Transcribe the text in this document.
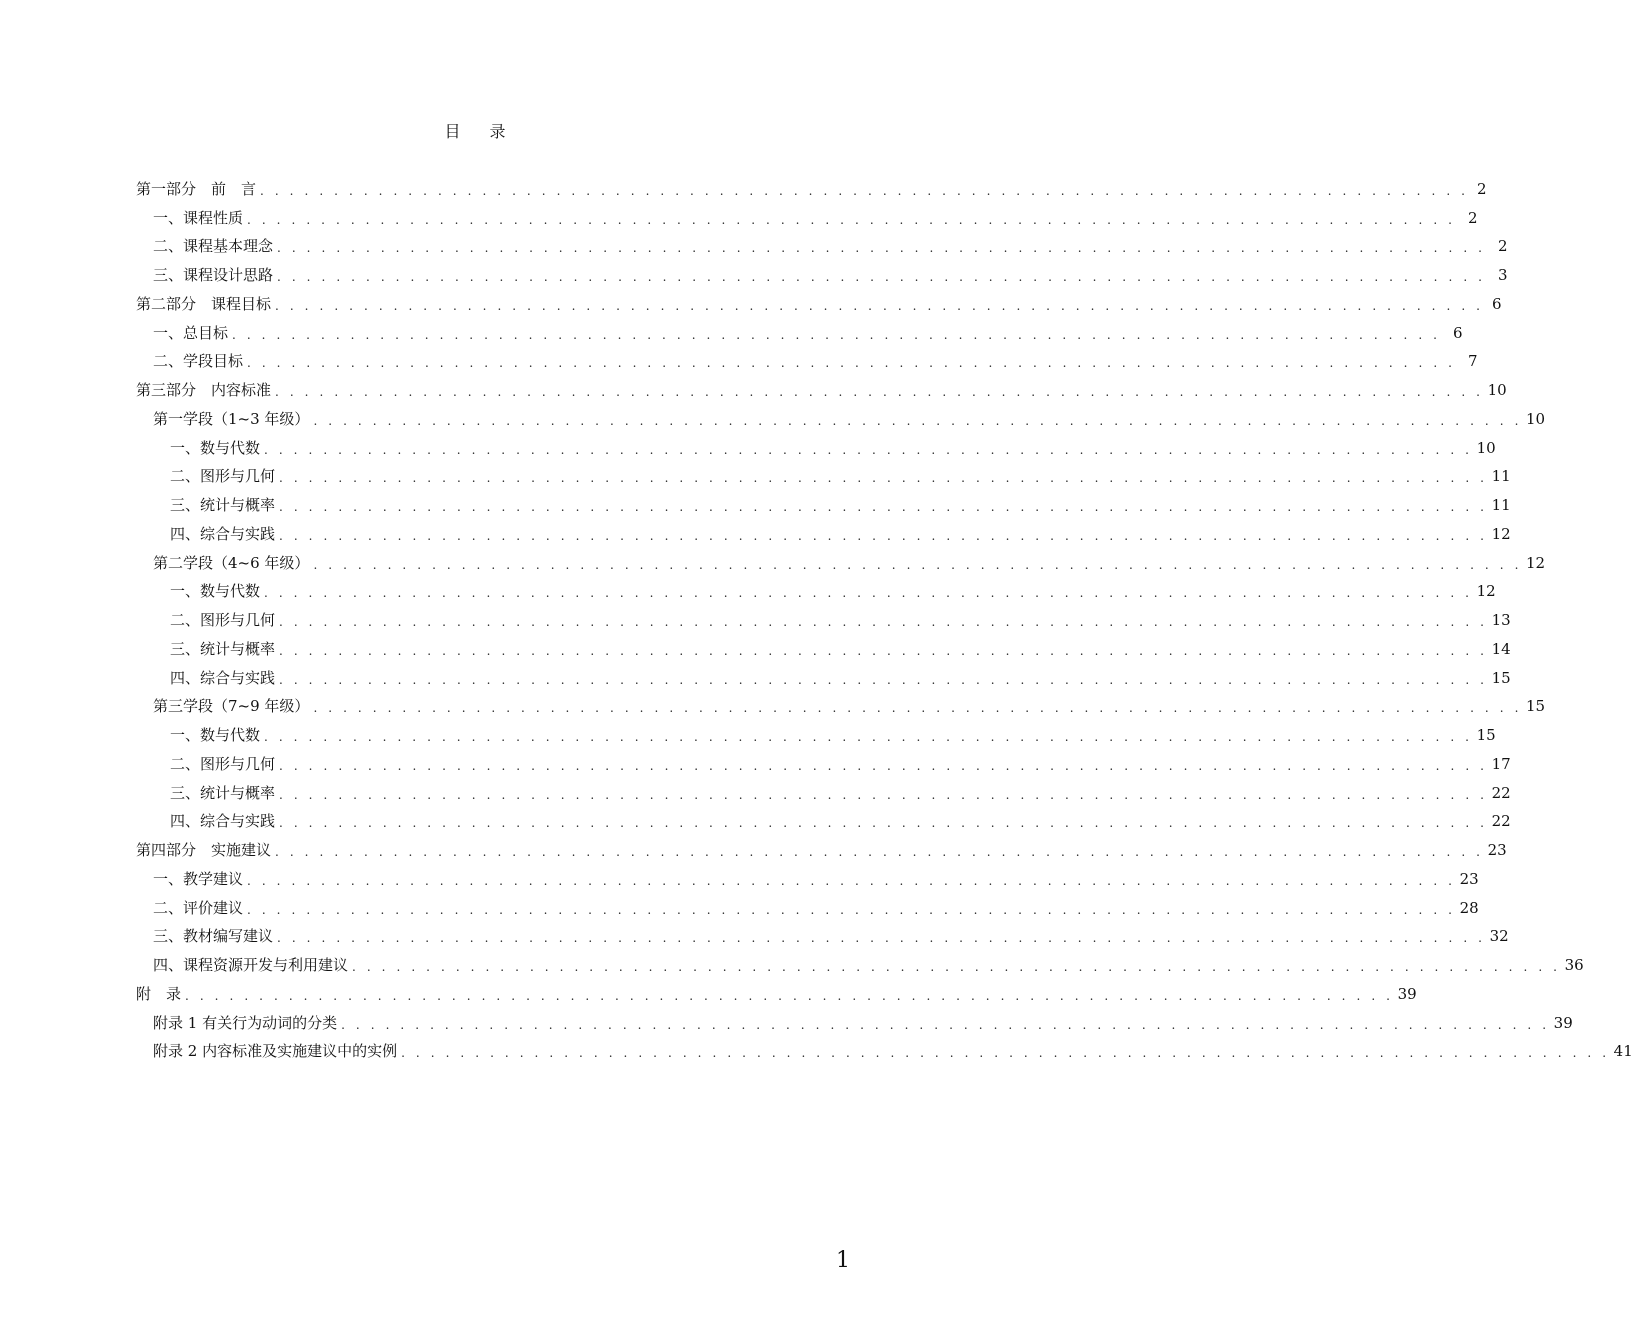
目 录
第一部分　前　言 . . . . . . . . . . . . . . . . . . . . . . . . . . . . . . . . . . . . . . . . . . . . . . . . . . . . . . . . . . . . . . . . . . . . . . . . . . . . . . . . . . 2
一、课程性质 . . . . . . . . . . . . . . . . . . . . . . . . . . . . . . . . . . . . . . . . . . . . . . . . . . . . . . . . . . . . . . . . . . . . . . . . . . . . . . . . . . 2
二、课程基本理念 . . . . . . . . . . . . . . . . . . . . . . . . . . . . . . . . . . . . . . . . . . . . . . . . . . . . . . . . . . . . . . . . . . . . . . . . . . . . . . . . . . 2
三、课程设计思路 . . . . . . . . . . . . . . . . . . . . . . . . . . . . . . . . . . . . . . . . . . . . . . . . . . . . . . . . . . . . . . . . . . . . . . . . . . . . . . . . . . 3
第二部分　课程目标 . . . . . . . . . . . . . . . . . . . . . . . . . . . . . . . . . . . . . . . . . . . . . . . . . . . . . . . . . . . . . . . . . . . . . . . . . . . . . . . . . . 6
一、总目标 . . . . . . . . . . . . . . . . . . . . . . . . . . . . . . . . . . . . . . . . . . . . . . . . . . . . . . . . . . . . . . . . . . . . . . . . . . . . . . . . . . 6
二、学段目标 . . . . . . . . . . . . . . . . . . . . . . . . . . . . . . . . . . . . . . . . . . . . . . . . . . . . . . . . . . . . . . . . . . . . . . . . . . . . . . . . . . 7
第三部分　内容标准 . . . . . . . . . . . . . . . . . . . . . . . . . . . . . . . . . . . . . . . . . . . . . . . . . . . . . . . . . . . . . . . . . . . . . . . . . . . . . . . . . . 10
第一学段（1~3 年级） . . . . . . . . . . . . . . . . . . . . . . . . . . . . . . . . . . . . . . . . . . . . . . . . . . . . . . . . . . . . . . . . . . . . . . . . . . . . . . . . . . 10
一、数与代数 . . . . . . . . . . . . . . . . . . . . . . . . . . . . . . . . . . . . . . . . . . . . . . . . . . . . . . . . . . . . . . . . . . . . . . . . . . . . . . . . . . 10
二、图形与几何 . . . . . . . . . . . . . . . . . . . . . . . . . . . . . . . . . . . . . . . . . . . . . . . . . . . . . . . . . . . . . . . . . . . . . . . . . . . . . . . . . . 11
三、统计与概率 . . . . . . . . . . . . . . . . . . . . . . . . . . . . . . . . . . . . . . . . . . . . . . . . . . . . . . . . . . . . . . . . . . . . . . . . . . . . . . . . . . 11
四、综合与实践 . . . . . . . . . . . . . . . . . . . . . . . . . . . . . . . . . . . . . . . . . . . . . . . . . . . . . . . . . . . . . . . . . . . . . . . . . . . . . . . . . . 12
第二学段（4~6 年级） . . . . . . . . . . . . . . . . . . . . . . . . . . . . . . . . . . . . . . . . . . . . . . . . . . . . . . . . . . . . . . . . . . . . . . . . . . . . . . . . . . 12
一、数与代数 . . . . . . . . . . . . . . . . . . . . . . . . . . . . . . . . . . . . . . . . . . . . . . . . . . . . . . . . . . . . . . . . . . . . . . . . . . . . . . . . . . 12
二、图形与几何 . . . . . . . . . . . . . . . . . . . . . . . . . . . . . . . . . . . . . . . . . . . . . . . . . . . . . . . . . . . . . . . . . . . . . . . . . . . . . . . . . . 13
三、统计与概率 . . . . . . . . . . . . . . . . . . . . . . . . . . . . . . . . . . . . . . . . . . . . . . . . . . . . . . . . . . . . . . . . . . . . . . . . . . . . . . . . . . 14
四、综合与实践 . . . . . . . . . . . . . . . . . . . . . . . . . . . . . . . . . . . . . . . . . . . . . . . . . . . . . . . . . . . . . . . . . . . . . . . . . . . . . . . . . . 15
第三学段（7~9 年级） . . . . . . . . . . . . . . . . . . . . . . . . . . . . . . . . . . . . . . . . . . . . . . . . . . . . . . . . . . . . . . . . . . . . . . . . . . . . . . . . . . 15
一、数与代数 . . . . . . . . . . . . . . . . . . . . . . . . . . . . . . . . . . . . . . . . . . . . . . . . . . . . . . . . . . . . . . . . . . . . . . . . . . . . . . . . . . 15
二、图形与几何 . . . . . . . . . . . . . . . . . . . . . . . . . . . . . . . . . . . . . . . . . . . . . . . . . . . . . . . . . . . . . . . . . . . . . . . . . . . . . . . . . . 17
三、统计与概率 . . . . . . . . . . . . . . . . . . . . . . . . . . . . . . . . . . . . . . . . . . . . . . . . . . . . . . . . . . . . . . . . . . . . . . . . . . . . . . . . . . 22
四、综合与实践 . . . . . . . . . . . . . . . . . . . . . . . . . . . . . . . . . . . . . . . . . . . . . . . . . . . . . . . . . . . . . . . . . . . . . . . . . . . . . . . . . . 22
第四部分　实施建议 . . . . . . . . . . . . . . . . . . . . . . . . . . . . . . . . . . . . . . . . . . . . . . . . . . . . . . . . . . . . . . . . . . . . . . . . . . . . . . . . . . 23
一、教学建议 . . . . . . . . . . . . . . . . . . . . . . . . . . . . . . . . . . . . . . . . . . . . . . . . . . . . . . . . . . . . . . . . . . . . . . . . . . . . . . . . . . 23
二、评价建议 . . . . . . . . . . . . . . . . . . . . . . . . . . . . . . . . . . . . . . . . . . . . . . . . . . . . . . . . . . . . . . . . . . . . . . . . . . . . . . . . . . 28
三、教材编写建议 . . . . . . . . . . . . . . . . . . . . . . . . . . . . . . . . . . . . . . . . . . . . . . . . . . . . . . . . . . . . . . . . . . . . . . . . . . . . . . . . . . 32
四、课程资源开发与利用建议 . . . . . . . . . . . . . . . . . . . . . . . . . . . . . . . . . . . . . . . . . . . . . . . . . . . . . . . . . . . . . . . . . . . . . . . . . . . . . . . . . . 36
附　录 . . . . . . . . . . . . . . . . . . . . . . . . . . . . . . . . . . . . . . . . . . . . . . . . . . . . . . . . . . . . . . . . . . . . . . . . . . . . . . . . . . 39
附录 1 有关行为动词的分类 . . . . . . . . . . . . . . . . . . . . . . . . . . . . . . . . . . . . . . . . . . . . . . . . . . . . . . . . . . . . . . . . . . . . . . . . . . . . . . . . . . 39
附录 2 内容标准及实施建议中的实例 . . . . . . . . . . . . . . . . . . . . . . . . . . . . . . . . . . . . . . . . . . . . . . . . . . . . . . . . . . . . . . . . . . . . . . . . . . . . . . . . . . 41
1
